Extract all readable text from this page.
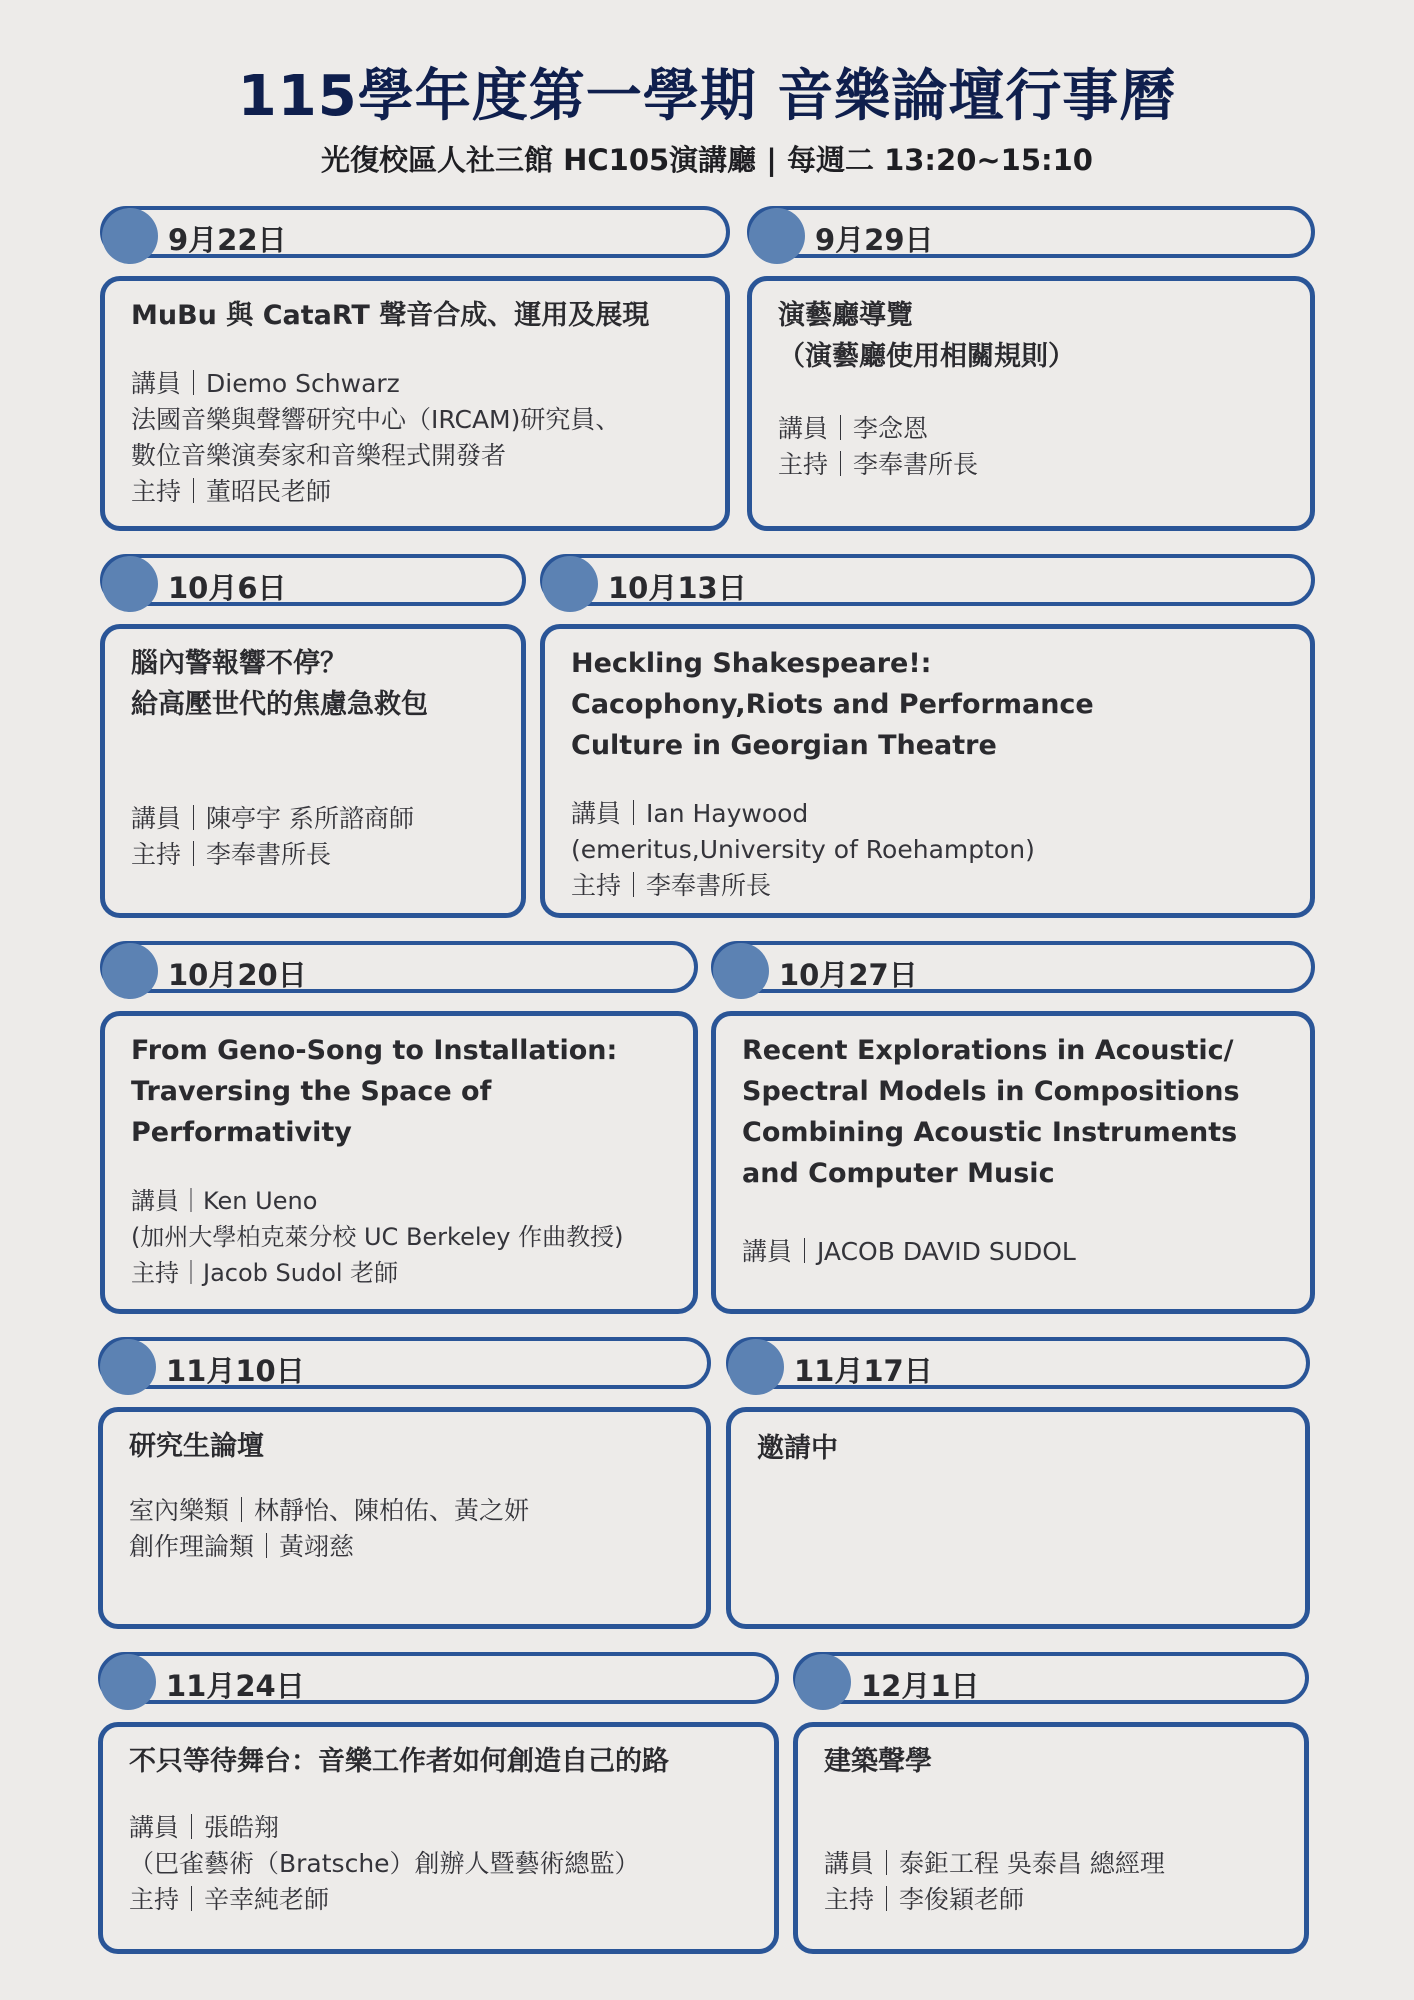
115學年度第一學期 音樂論壇行事曆
光復校區人社三館 HC105演講廳 | 每週二 13:20~15:10
9月22日
MuBu 與 CataRT 聲音合成、運用及展現
講員｜Diemo Schwarz
法國音樂與聲響研究中心（IRCAM)研究員、
數位音樂演奏家和音樂程式開發者
主持｜董昭民老師
9月29日
演藝廳導覽
（演藝廳使用相關規則）
講員｜李念恩
主持｜李奉書所長
10月6日
腦內警報響不停？
給高壓世代的焦慮急救包
講員｜陳亭宇 系所諮商師
主持｜李奉書所長
10月13日
Heckling Shakespeare!:
Cacophony,Riots and Performance
Culture in Georgian Theatre
講員｜Ian Haywood
(emeritus,University of Roehampton)
主持｜李奉書所長
10月20日
From Geno-Song to Installation:
Traversing the Space of
Performativity
講員｜Ken Ueno
(加州大學柏克萊分校 UC Berkeley 作曲教授)
主持｜Jacob Sudol 老師
10月27日
Recent Explorations in Acoustic/
Spectral Models in Compositions
Combining Acoustic Instruments
and Computer Music
講員｜JACOB DAVID SUDOL
11月10日
研究生論壇
室內樂類｜林靜怡、陳柏佑、黃之妍
創作理論類｜黃翊慈
11月17日
邀請中
11月24日
不只等待舞台：音樂工作者如何創造自己的路
講員｜張皓翔
（巴雀藝術（Bratsche）創辦人暨藝術總監）
主持｜辛幸純老師
12月1日
建築聲學
講員｜泰鉅工程 吳泰昌 總經理
主持｜李俊穎老師
